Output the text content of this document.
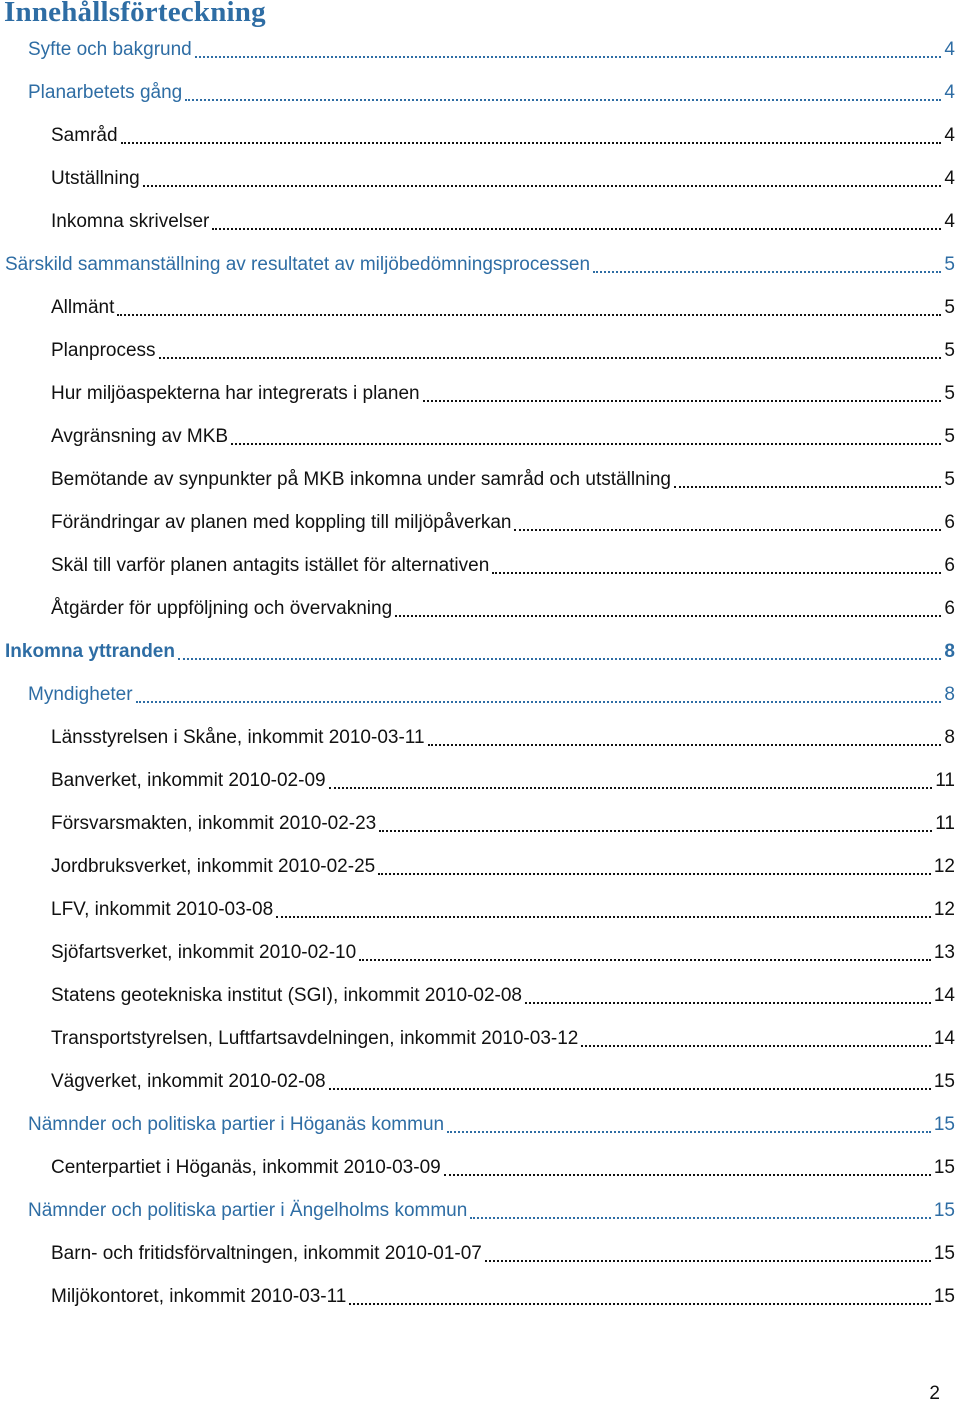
Innehållsförteckning
Syfte och bakgrund	4
Planarbetets gång	4
Samråd	4
Utställning	4
Inkomna skrivelser	4
Särskild sammanställning av resultatet av miljöbedömningsprocessen	5
Allmänt	5
Planprocess	5
Hur miljöaspekterna har integrerats i planen	5
Avgränsning av MKB	5
Bemötande av synpunkter på MKB inkomna under samråd och utställning	5
Förändringar av planen med koppling till miljöpåverkan	6
Skäl till varför planen antagits istället för alternativen	6
Åtgärder för uppföljning och övervakning	6
Inkomna yttranden	8
Myndigheter	8
Länsstyrelsen i Skåne, inkommit 2010-03-11	8
Banverket, inkommit 2010-02-09	11
Försvarsmakten, inkommit 2010-02-23	11
Jordbruksverket, inkommit 2010-02-25	12
LFV, inkommit 2010-03-08	12
Sjöfartsverket, inkommit 2010-02-10	13
Statens geotekniska institut (SGI), inkommit 2010-02-08	14
Transportstyrelsen, Luftfartsavdelningen, inkommit 2010-03-12	14
Vägverket, inkommit 2010-02-08	15
Nämnder och politiska partier i Höganäs kommun	15
Centerpartiet i Höganäs, inkommit 2010-03-09	15
Nämnder och politiska partier i Ängelholms kommun	15
Barn- och fritidsförvaltningen, inkommit 2010-01-07	15
Miljökontoret, inkommit 2010-03-11	15
2
